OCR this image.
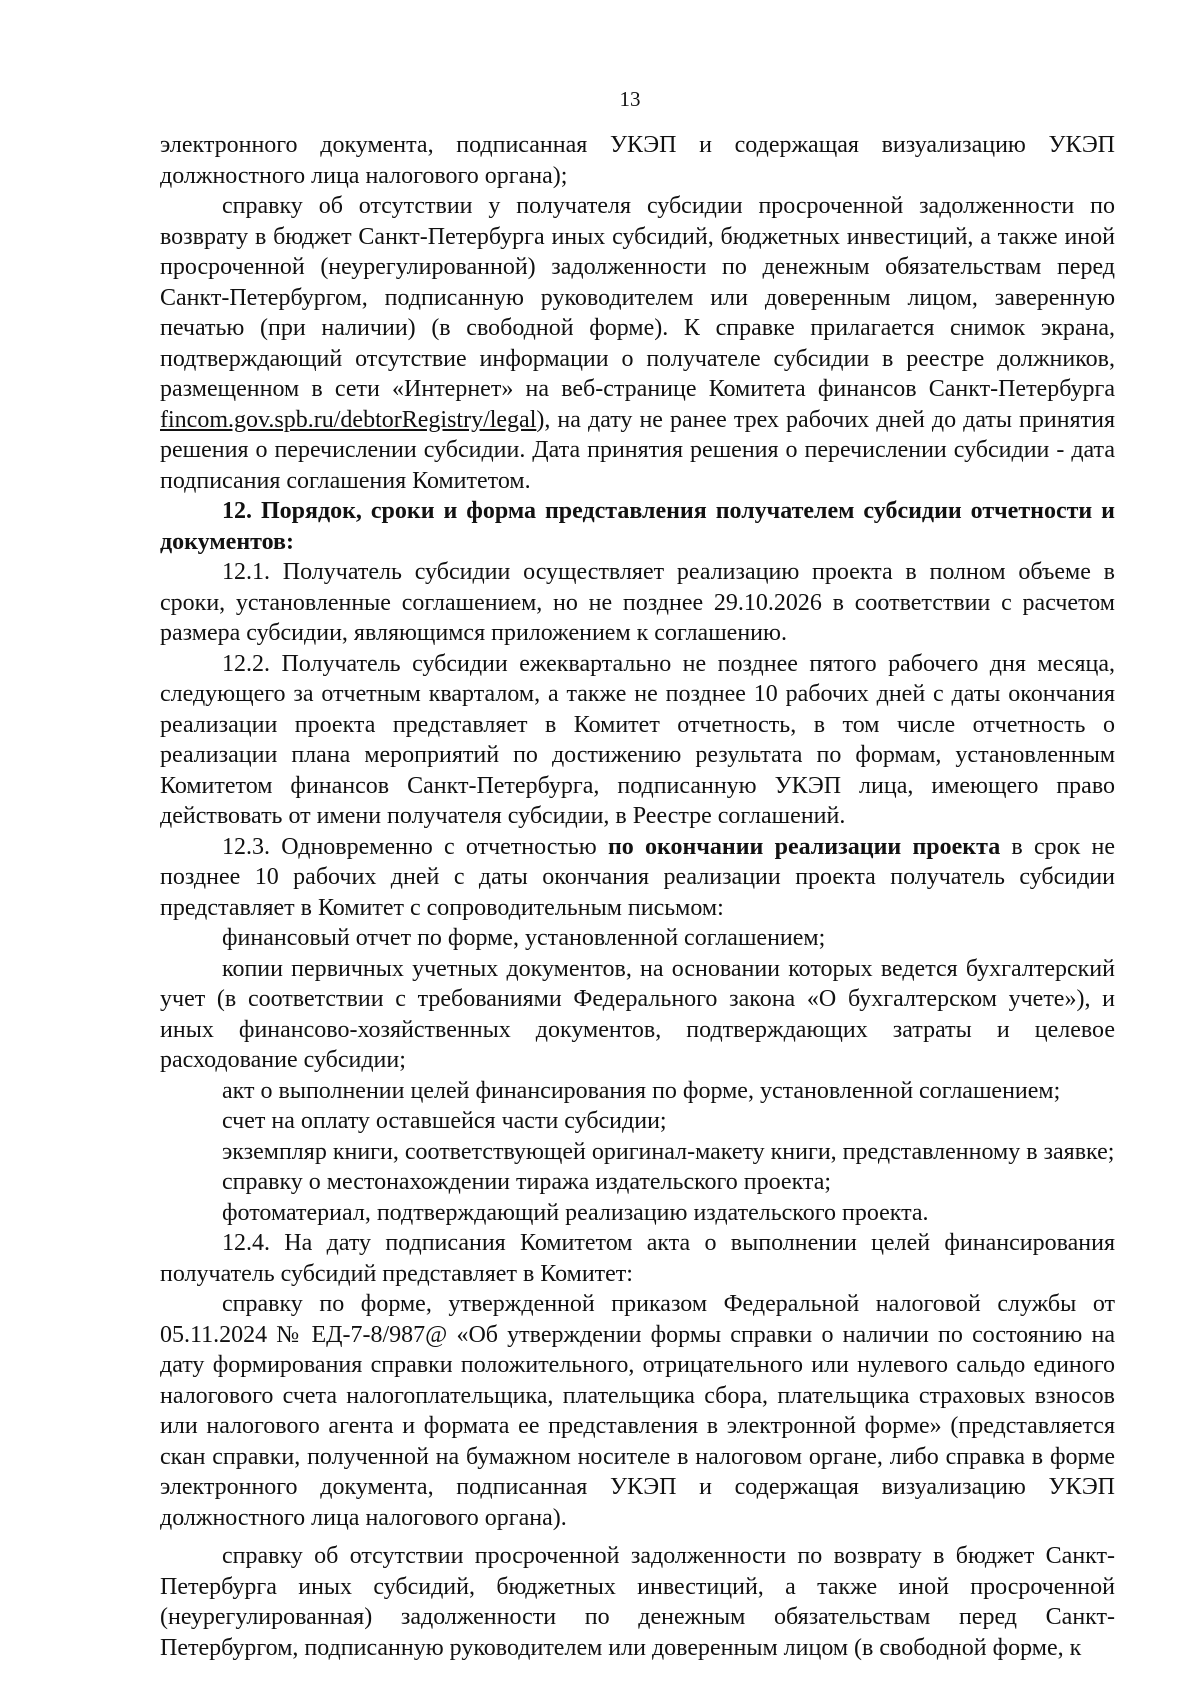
13

электронного документа, подписанная УКЭП и содержащая визуализацию УКЭП должностного лица налогового органа);

справку об отсутствии у получателя субсидии просроченной задолженности по возврату в бюджет Санкт-Петербурга иных субсидий, бюджетных инвестиций, а также иной просроченной (неурегулированной) задолженности по денежным обязательствам перед Санкт-Петербургом, подписанную руководителем или доверенным лицом, заверенную печатью (при наличии) (в свободной форме). К справке прилагается снимок экрана, подтверждающий отсутствие информации о получателе субсидии в реестре должников, размещенном в сети «Интернет» на веб-странице Комитета финансов Санкт-Петербурга fincom.gov.spb.ru/debtorRegistry/legal), на дату не ранее трех рабочих дней до даты принятия решения о перечислении субсидии. Дата принятия решения о перечислении субсидии - дата подписания соглашения Комитетом.

12. Порядок, сроки и форма представления получателем субсидии отчетности и документов:

12.1. Получатель субсидии осуществляет реализацию проекта в полном объеме в сроки, установленные соглашением, но не позднее 29.10.2026 в соответствии с расчетом размера субсидии, являющимся приложением к соглашению.

12.2. Получатель субсидии ежеквартально не позднее пятого рабочего дня месяца, следующего за отчетным кварталом, а также не позднее 10 рабочих дней с даты окончания реализации проекта представляет в Комитет отчетность, в том числе отчетность о реализации плана мероприятий по достижению результата по формам, установленным Комитетом финансов Санкт-Петербурга, подписанную УКЭП лица, имеющего право действовать от имени получателя субсидии, в Реестре соглашений.

12.3. Одновременно с отчетностью по окончании реализации проекта в срок не позднее 10 рабочих дней с даты окончания реализации проекта получатель субсидии представляет в Комитет с сопроводительным письмом:

финансовый отчет по форме, установленной соглашением;

копии первичных учетных документов, на основании которых ведется бухгалтерский учет (в соответствии с требованиями Федерального закона «О бухгалтерском учете»), и иных финансово-хозяйственных документов, подтверждающих затраты и целевое расходование субсидии;

акт о выполнении целей финансирования по форме, установленной соглашением;

счет на оплату оставшейся части субсидии;

экземпляр книги, соответствующей оригинал-макету книги, представленному в заявке;

справку о местонахождении тиража издательского проекта;

фотоматериал, подтверждающий реализацию издательского проекта.

12.4. На дату подписания Комитетом акта о выполнении целей финансирования получатель субсидий представляет в Комитет:

справку по форме, утвержденной приказом Федеральной налоговой службы от 05.11.2024 № ЕД-7-8/987@ «Об утверждении формы справки о наличии по состоянию на дату формирования справки положительного, отрицательного или нулевого сальдо единого налогового счета налогоплательщика, плательщика сбора, плательщика страховых взносов или налогового агента и формата ее представления в электронной форме» (представляется скан справки, полученной на бумажном носителе в налоговом органе, либо справка в форме электронного документа, подписанная УКЭП и содержащая визуализацию УКЭП должностного лица налогового органа).

справку об отсутствии просроченной задолженности по возврату в бюджет Санкт-Петербурга иных субсидий, бюджетных инвестиций, а также иной просроченной (неурегулированная) задолженности по денежным обязательствам перед Санкт-Петербургом, подписанную руководителем или доверенным лицом (в свободной форме, к
